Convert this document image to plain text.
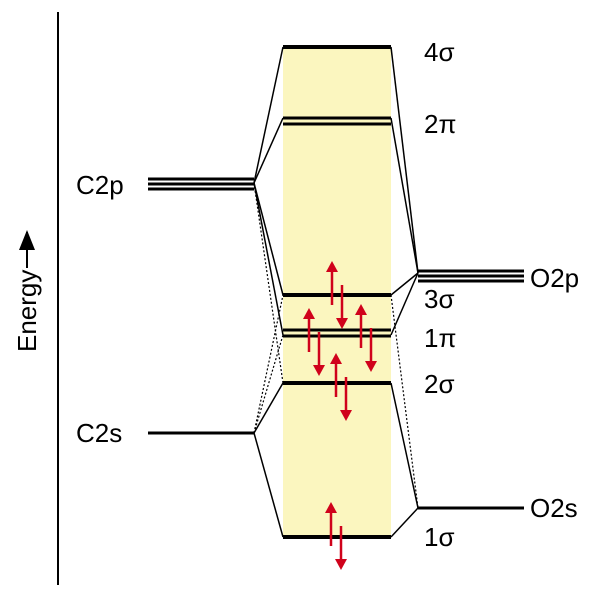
Energy
C2p
C2s
O2p
O2s
4σ
2π
3σ
1π
2σ
1σ
